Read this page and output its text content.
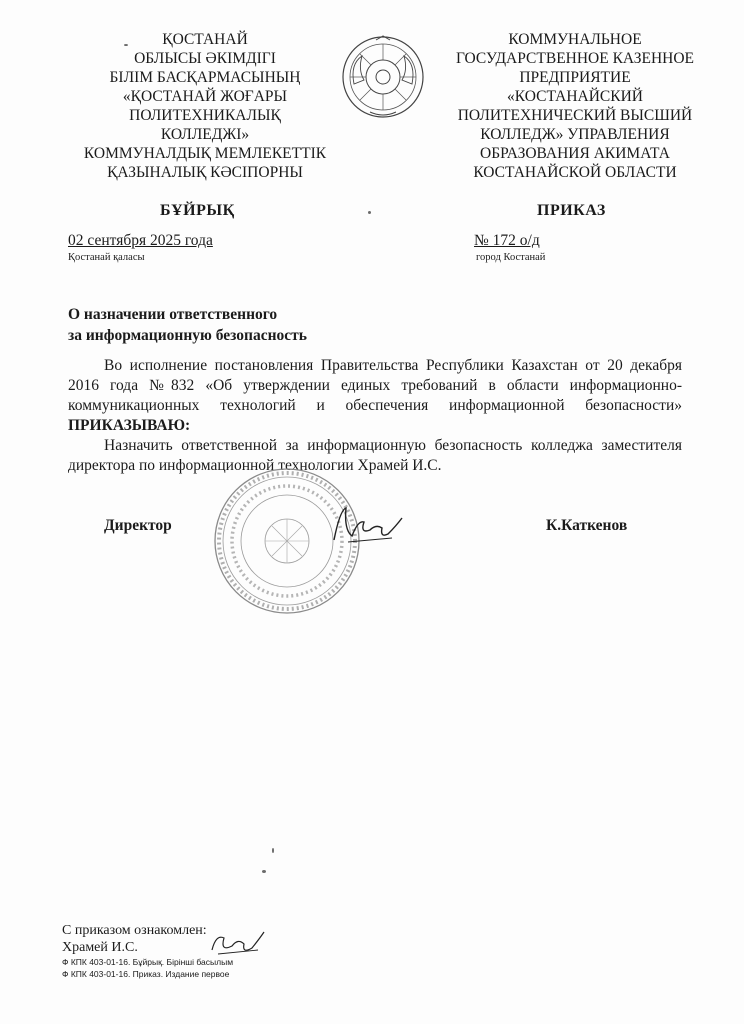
ҚОСТАНАЙ
ОБЛЫСЫ ӘКІМДІГІ
БІЛІМ БАСҚАРМАСЫНЫҢ
«ҚОСТАНАЙ ЖОҒАРЫ
ПОЛИТЕХНИКАЛЫҚ
КОЛЛЕДЖІ»
КОММУНАЛДЫҚ МЕМЛЕКЕТТІК
ҚАЗЫНАЛЫҚ КӘСІПОРНЫ
КОММУНАЛЬНОЕ
ГОСУДАРСТВЕННОЕ КАЗЕННОЕ
ПРЕДПРИЯТИЕ
«КОСТАНАЙСКИЙ
ПОЛИТЕХНИЧЕСКИЙ ВЫСШИЙ
КОЛЛЕДЖ» УПРАВЛЕНИЯ
ОБРАЗОВАНИЯ АКИМАТА
КОСТАНАЙСКОЙ ОБЛАСТИ
БҰЙРЫҚ	ПРИКАЗ
02 сентября 2025 года	№ 172 о/д
Қостанай қаласы	город Костанай
О назначении ответственного
за информационную безопасность

Во исполнение постановления Правительства Республики Казахстан от 20 декабря 2016 года №832 «Об утверждении единых требований в области информационно-коммуникационных технологий и обеспечения информационной безопасности» ПРИКАЗЫВАЮ:

Назначить ответственной за информационную безопасность колледжа заместителя директора по информационной технологии Храмей И.С.

Директор	К.Каткенов
С приказом ознакомлен:
Храмей И.С.
Ф КПК 403-01-16. Бұйрық. Бірінші басылым
Ф КПК 403-01-16. Приказ. Издание первое
